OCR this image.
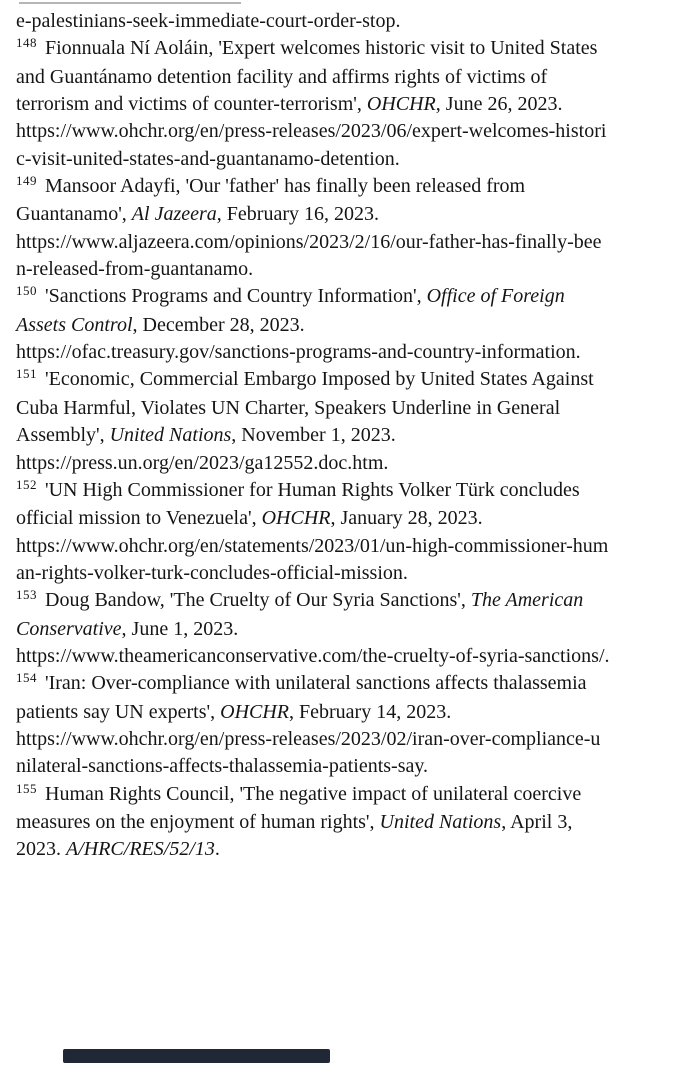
e-palestinians-seek-immediate-court-order-stop.
$^{148}$ Fionnuala Ní Aoláin, 'Expert welcomes historic visit to United States
and Guantánamo detention facility and affirms rights of victims of
terrorism and victims of counter-terrorism', OHCHR, June 26, 2023.
https://www.ohchr.org/en/press-releases/2023/06/expert-welcomes-histori
c-visit-united-states-and-guantanamo-detention.
$^{149}$ Mansoor Adayfi, 'Our 'father' has finally been released from
Guantanamo', Al Jazeera, February 16, 2023.
https://www.aljazeera.com/opinions/2023/2/16/our-father-has-finally-bee
n-released-from-guantanamo.
$^{150}$ 'Sanctions Programs and Country Information', Office of Foreign
Assets Control, December 28, 2023.
https://ofac.treasury.gov/sanctions-programs-and-country-information.
$^{151}$ 'Economic, Commercial Embargo Imposed by United States Against
Cuba Harmful, Violates UN Charter, Speakers Underline in General
Assembly', United Nations, November 1, 2023.
https://press.un.org/en/2023/ga12552.doc.htm.
$^{152}$ 'UN High Commissioner for Human Rights Volker Türk concludes
official mission to Venezuela', OHCHR, January 28, 2023.
https://www.ohchr.org/en/statements/2023/01/un-high-commissioner-hum
an-rights-volker-turk-concludes-official-mission.
$^{153}$ Doug Bandow, 'The Cruelty of Our Syria Sanctions', The American
Conservative, June 1, 2023.
https://www.theamericanconservative.com/the-cruelty-of-syria-sanctions/.
$^{154}$ 'Iran: Over-compliance with unilateral sanctions affects thalassemia
patients say UN experts', OHCHR, February 14, 2023.
https://www.ohchr.org/en/press-releases/2023/02/iran-over-compliance-u
nilateral-sanctions-affects-thalassemia-patients-say.
$^{155}$ Human Rights Council, 'The negative impact of unilateral coercive
measures on the enjoyment of human rights', United Nations, April 3,
2023. A/HRC/RES/52/13.
